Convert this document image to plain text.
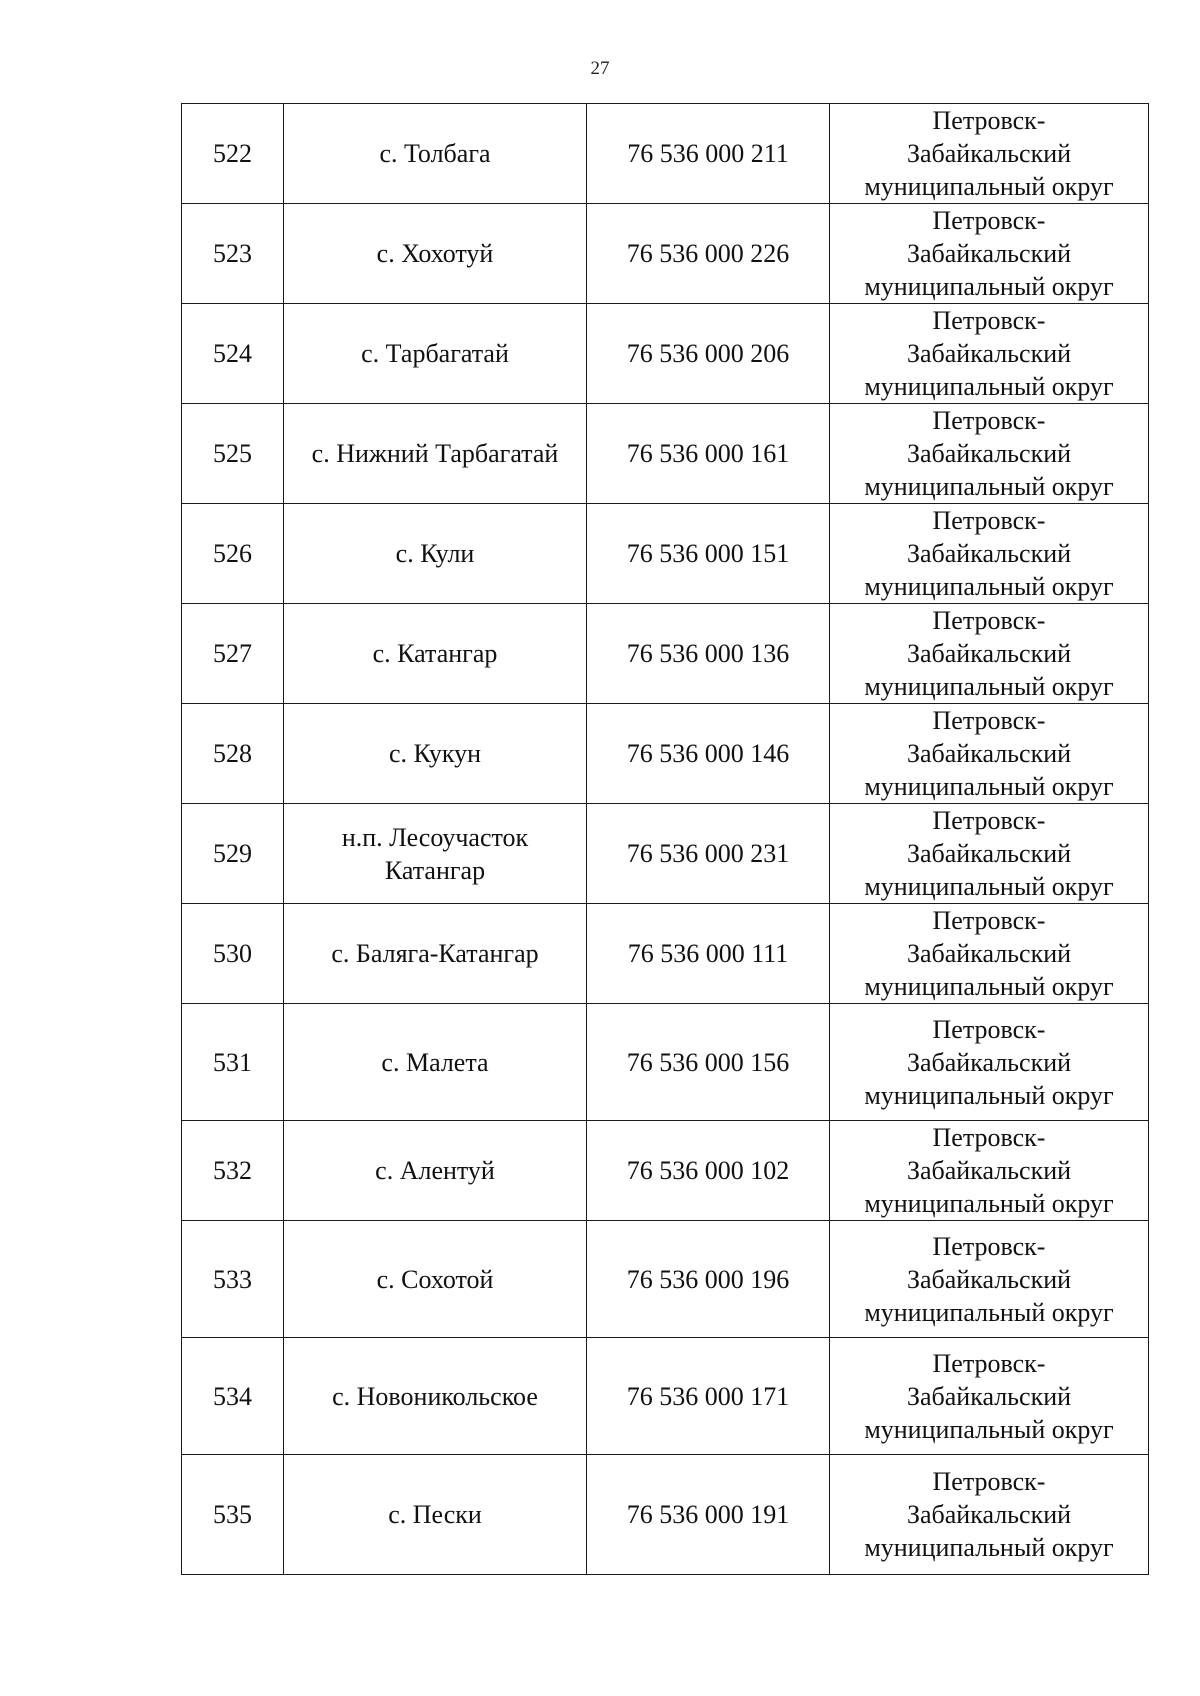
27
522	с. Толбага	76 536 000 211	Петровск-
Забайкальский
муниципальный округ

523	с. Хохотуй	76 536 000 226	Петровск-
Забайкальский
муниципальный округ

524	с. Тарбагатай	76 536 000 206	Петровск-
Забайкальский
муниципальный округ

525	с. Нижний Тарбагатай	76 536 000 161	Петровск-
Забайкальский
муниципальный округ

526	с. Кули	76 536 000 151	Петровск-
Забайкальский
муниципальный округ

527	с. Катангар	76 536 000 136	Петровск-
Забайкальский
муниципальный округ

528	с. Кукун	76 536 000 146	Петровск-
Забайкальский
муниципальный округ

529	н.п. Лесоучасток Катангар	76 536 000 231	Петровск-
Забайкальский
муниципальный округ

530	с. Баляга-Катангар	76 536 000 111	Петровск-
Забайкальский
муниципальный округ

531	с. Малета	76 536 000 156	Петровск-
Забайкальский
муниципальный округ

532	с. Алентуй	76 536 000 102	Петровск-
Забайкальский
муниципальный округ

533	с. Сохотой	76 536 000 196	Петровск-
Забайкальский
муниципальный округ

534	с. Новоникольское	76 536 000 171	Петровск-
Забайкальский
муниципальный округ

535	с. Пески	76 536 000 191	Петровск-
Забайкальский
муниципальный округ
